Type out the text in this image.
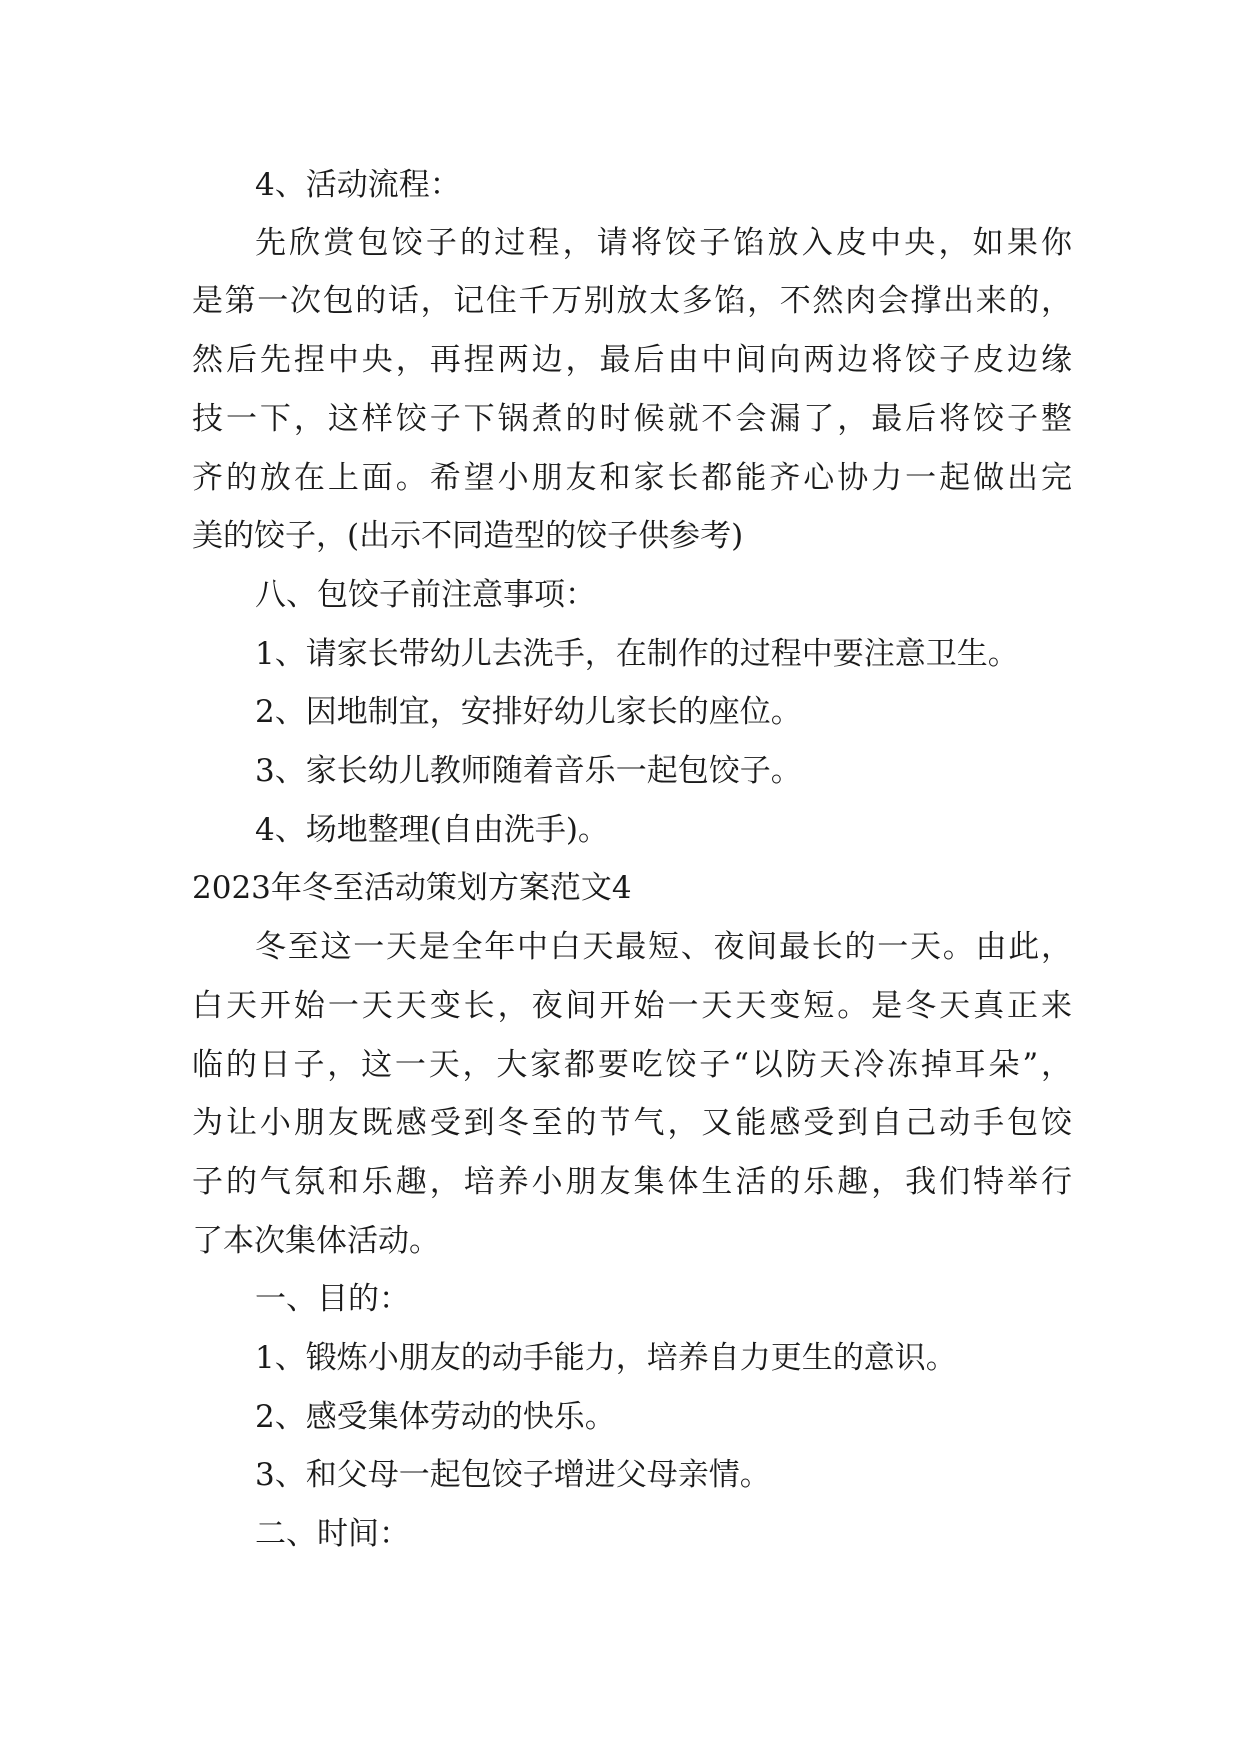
4、活动流程：
先欣赏包饺子的过程，请将饺子馅放入皮中央，如果你
是第一次包的话，记住千万别放太多馅，不然肉会撑出来的，
然后先捏中央，再捏两边，最后由中间向两边将饺子皮边缘
技一下，这样饺子下锅煮的时候就不会漏了，最后将饺子整
齐的放在上面。希望小朋友和家长都能齐心协力一起做出完
美的饺子，(出示不同造型的饺子供参考)
八、包饺子前注意事项：
1、请家长带幼儿去洗手，在制作的过程中要注意卫生。
2、因地制宜，安排好幼儿家长的座位。
3、家长幼儿教师随着音乐一起包饺子。
4、场地整理(自由洗手)。
2023年冬至活动策划方案范文4
冬至这一天是全年中白天最短、夜间最长的一天。由此，
白天开始一天天变长，夜间开始一天天变短。是冬天真正来
临的日子，这一天，大家都要吃饺子“以防天冷冻掉耳朵”，
为让小朋友既感受到冬至的节气，又能感受到自己动手包饺
子的气氛和乐趣，培养小朋友集体生活的乐趣，我们特举行
了本次集体活动。
一、目的：
1、锻炼小朋友的动手能力，培养自力更生的意识。
2、感受集体劳动的快乐。
3、和父母一起包饺子增进父母亲情。
二、时间：
